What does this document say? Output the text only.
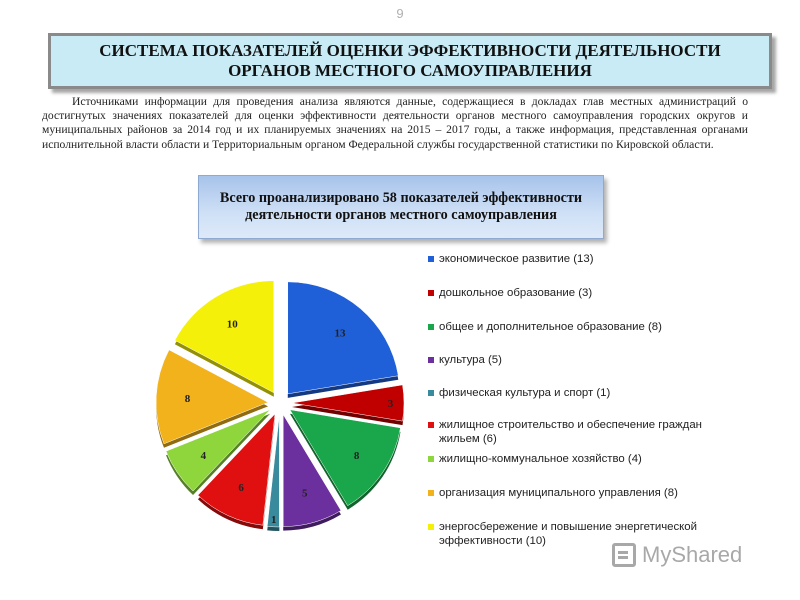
9
СИСТЕМА ПОКАЗАТЕЛЕЙ ОЦЕНКИ ЭФФЕКТИВНОСТИ ДЕЯТЕЛЬНОСТИ
ОРГАНОВ МЕСТНОГО САМОУПРАВЛЕНИЯ
Источниками информации для проведения анализа являются данные, содержащиеся в докладах глав местных администраций о достигнутых значениях показателей для оценки эффективности деятельности органов местного самоуправления городских округов и муниципальных районов за 2014 год и их планируемых значениях на 2015 – 2017 годы, а также информация, представленная органами исполнительной власти области и Территориальным органом Федеральной службы государственной статистики по Кировской области.
Всего проанализировано 58 показателей эффективности деятельности органов местного самоуправления
13
3
8
5
1
6
4
8
10
экономическое развитие (13)
дошкольное образование (3)
общее и дополнительное образование (8)
культура (5)
физическая культура и спорт (1)
жилищное строительство и обеспечение граждан жильем (6)
жилищно-коммунальное хозяйство (4)
организация муниципального управления (8)
энергосбережение и повышение энергетической эффективности (10)
MyShared
